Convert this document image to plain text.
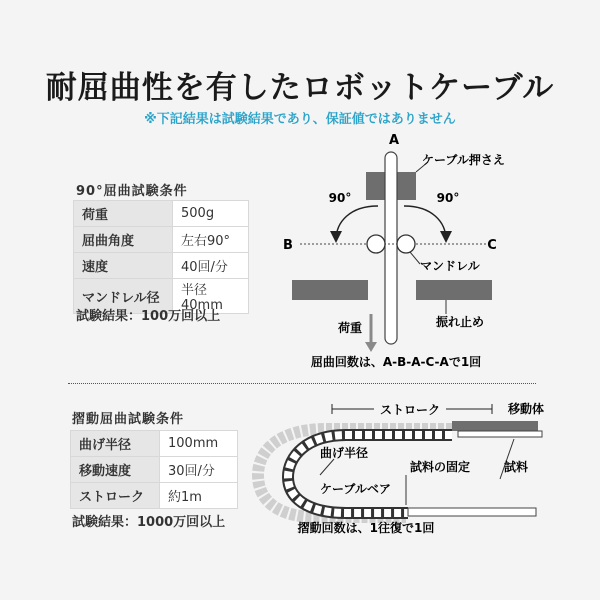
耐屈曲性を有したロボットケーブル
※下記結果は試験結果であり、保証値ではありません
90°屈曲試験条件
荷重	500g
屈曲角度	左右90°
速度	40回/分
マンドレル径	半径40mm
試験結果：100万回以上
A
ケーブル押さえ
90°	90°
B	C
マンドレル
振れ止め
荷重
屈曲回数は、A-B-A-C-Aで1回
摺動屈曲試験条件
曲げ半径	100mm
移動速度	30回/分
ストローク	約1m
試験結果：1000万回以上
ストローク	移動体
曲げ半径
試料の固定	試料
ケーブルベア
摺動回数は、1往復で1回
